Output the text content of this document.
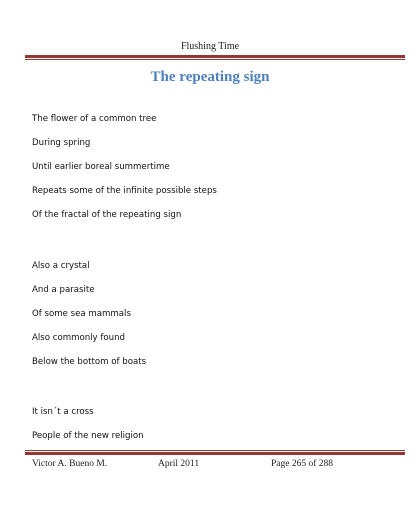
Flushing Time
The repeating sign
The flower of a common tree
During spring
Until earlier boreal summertime
Repeats some of the infinite possible steps
Of the fractal of the repeating sign
Also a crystal
And a parasite
Of some sea mammals
Also commonly found
Below the bottom of boats
It isn´t a cross
People of the new religion
Victor A. Bueno M.	April 2011	Page 265 of 288
